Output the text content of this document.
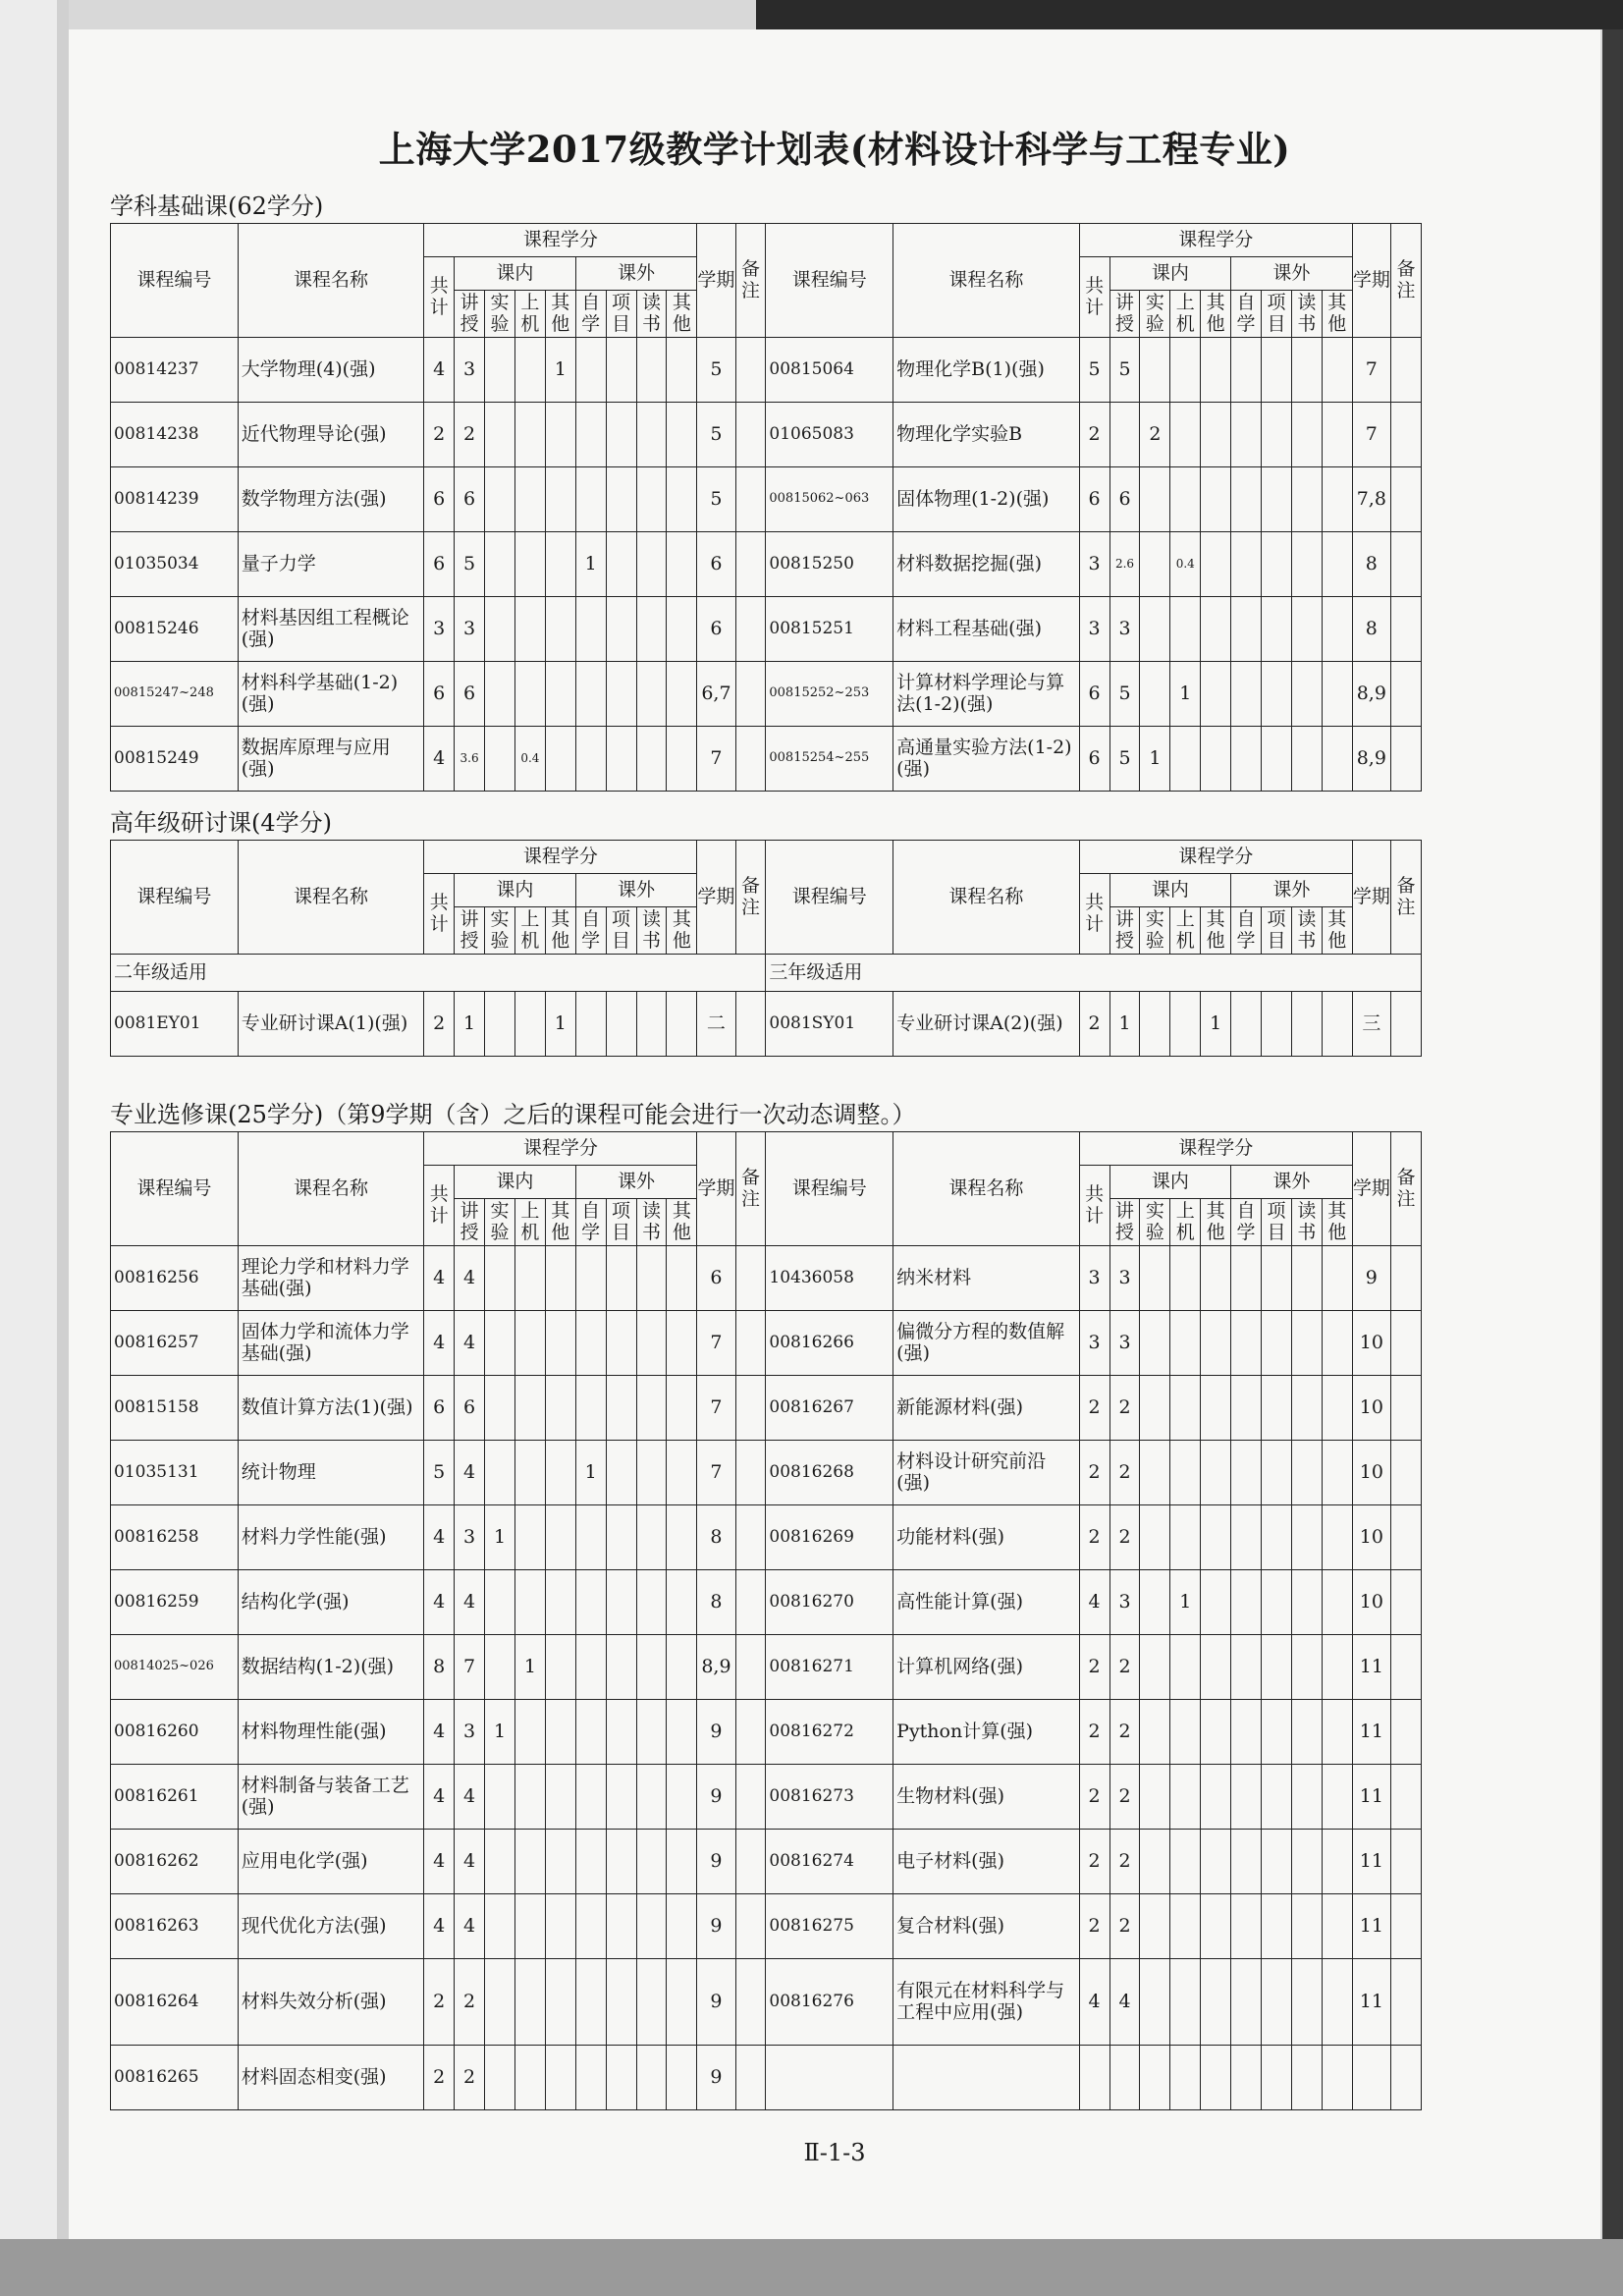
上海大学2017级教学计划表(材料设计科学与工程专业)
学科基础课(62学分)
课程编号	课程名称	课程学分									学期	备注	课程编号	课程名称	课程学分									学期	备注
		共计	课内				课外								共计	课内				课外					
			讲授	实验	上机	其他	自学	项目	读书	其他						讲授	实验	上机	其他	自学	项目	读书	其他		
00814237	大学物理(4)(强)	4	3			1					5		00815064	物理化学B(1)(强)	5	5								7	
00814238	近代物理导论(强)	2	2								5		01065083	物理化学实验B	2		2							7	
00814239	数学物理方法(强)	6	6								5		00815062~063	固体物理(1-2)(强)	6	6								7,8	
01035034	量子力学	6	5				1				6		00815250	材料数据挖掘(强)	3	2.6		0.4						8	
00815246	材料基因组工程概论(强)	3	3								6		00815251	材料工程基础(强)	3	3								8	
00815247~248	材料科学基础(1-2)(强)	6	6								6,7		00815252~253	计算材料学理论与算法(1-2)(强)	6	5		1						8,9	
00815249	数据库原理与应用(强)	4	3.6		0.4						7		00815254~255	高通量实验方法(1-2)(强)	6	5	1							8,9	
高年级研讨课(4学分)
课程编号	课程名称	课程学分									学期	备注	课程编号	课程名称	课程学分									学期	备注
		共计	课内				课外								共计	课内				课外					
			讲授	实验	上机	其他	自学	项目	读书	其他						讲授	实验	上机	其他	自学	项目	读书	其他		
二年级适用													三年级适用												
0081EY01	专业研讨课A(1)(强)	2	1			1					二		0081SY01	专业研讨课A(2)(强)	2	1			1					三	
专业选修课(25学分)（第9学期（含）之后的课程可能会进行一次动态调整。）
课程编号	课程名称	课程学分									学期	备注	课程编号	课程名称	课程学分									学期	备注
		共计	课内				课外								共计	课内				课外					
			讲授	实验	上机	其他	自学	项目	读书	其他						讲授	实验	上机	其他	自学	项目	读书	其他		
00816256	理论力学和材料力学基础(强)	4	4								6		10436058	纳米材料	3	3								9	
00816257	固体力学和流体力学基础(强)	4	4								7		00816266	偏微分方程的数值解(强)	3	3								10	
00815158	数值计算方法(1)(强)	6	6								7		00816267	新能源材料(强)	2	2								10	
01035131	统计物理	5	4				1				7		00816268	材料设计研究前沿(强)	2	2								10	
00816258	材料力学性能(强)	4	3	1							8		00816269	功能材料(强)	2	2								10	
00816259	结构化学(强)	4	4								8		00816270	高性能计算(强)	4	3		1						10	
00814025~026	数据结构(1-2)(强)	8	7		1						8,9		00816271	计算机网络(强)	2	2								11	
00816260	材料物理性能(强)	4	3	1							9		00816272	Python计算(强)	2	2								11	
00816261	材料制备与装备工艺(强)	4	4								9		00816273	生物材料(强)	2	2								11	
00816262	应用电化学(强)	4	4								9		00816274	电子材料(强)	2	2								11	
00816263	现代优化方法(强)	4	4								9		00816275	复合材料(强)	2	2								11	
00816264	材料失效分析(强)	2	2								9		00816276	有限元在材料科学与工程中应用(强)	4	4								11	
00816265	材料固态相变(强)	2	2								9														
Ⅱ-1-3
